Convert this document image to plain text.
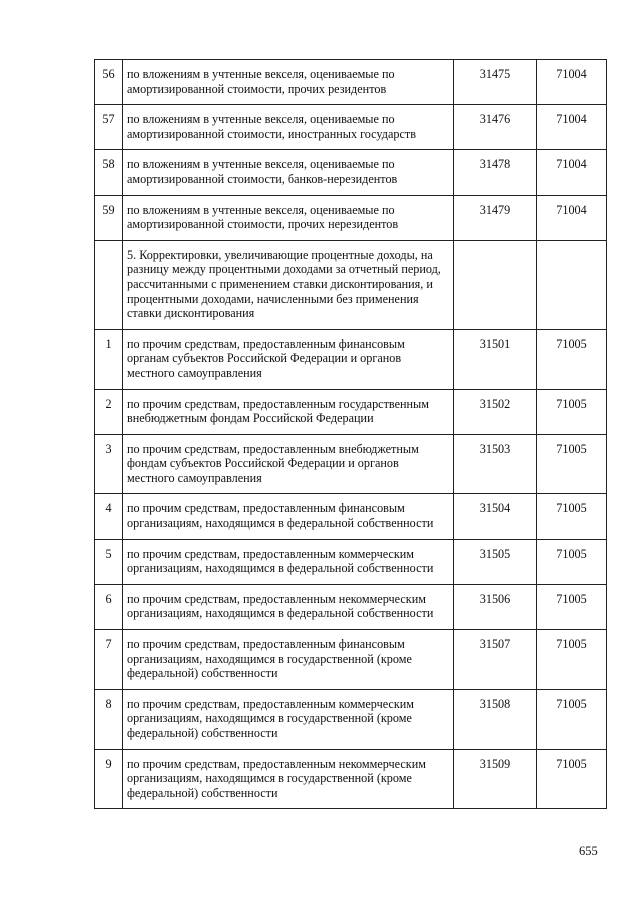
56	по вложениям в учтенные векселя, оцениваемые по амортизированной стоимости, прочих резидентов	31475	71004
57	по вложениям в учтенные векселя, оцениваемые по амортизированной стоимости, иностранных государств	31476	71004
58	по вложениям в учтенные векселя, оцениваемые по амортизированной стоимости, банков-нерезидентов	31478	71004
59	по вложениям в учтенные векселя, оцениваемые по амортизированной стоимости, прочих нерезидентов	31479	71004
	5. Корректировки, увеличивающие процентные доходы, на разницу между процентными доходами за отчетный период, рассчитанными с применением ставки дисконтирования, и процентными доходами, начисленными без применения ставки дисконтирования		
1	по прочим средствам, предоставленным финансовым органам субъектов Российской Федерации и органов местного самоуправления	31501	71005
2	по прочим средствам, предоставленным государственным внебюджетным фондам Российской Федерации	31502	71005
3	по прочим средствам, предоставленным внебюджетным фондам субъектов Российской Федерации и органов местного самоуправления	31503	71005
4	по прочим средствам, предоставленным финансовым организациям, находящимся в федеральной собственности	31504	71005
5	по прочим средствам, предоставленным коммерческим организациям, находящимся в федеральной собственности	31505	71005
6	по прочим средствам, предоставленным некоммерческим организациям, находящимся в федеральной собственности	31506	71005
7	по прочим средствам, предоставленным финансовым организациям, находящимся в государственной (кроме федеральной) собственности	31507	71005
8	по прочим средствам, предоставленным коммерческим организациям, находящимся в государственной (кроме федеральной) собственности	31508	71005
9	по прочим средствам, предоставленным некоммерческим организациям, находящимся в государственной (кроме федеральной) собственности	31509	71005
655
